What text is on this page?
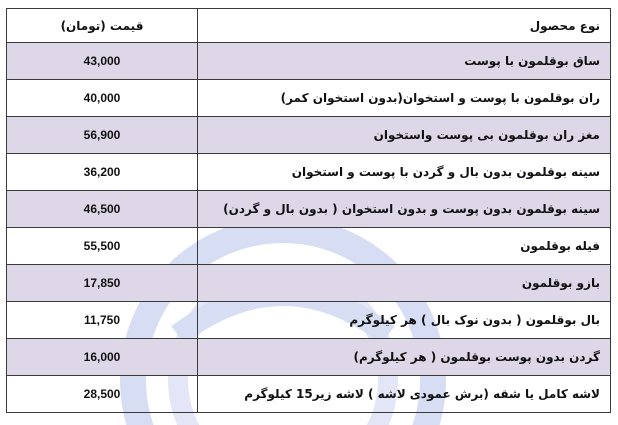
قیمت (تومان)	نوع محصول
43,000	ساق بوقلمون با پوست
40,000	ران بوقلمون با پوست و استخوان(بدون استخوان کمر)
56,900	مغز ران بوقلمون بی پوست واستخوان
36,200	سینه بوقلمون بدون بال و گردن با پوست و استخوان
46,500	سینه بوقلمون بدون پوست و بدون استخوان ( بدون بال و گردن)
55,500	فیله بوقلمون
17,850	بازو بوقلمون
11,750	بال بوقلمون ( بدون نوک بال ) هر کیلوگرم
16,000	گردن بدون پوست بوقلمون ( هر کیلوگرم)
28,500	لاشه کامل یا شقه (برش عمودی لاشه ) لاشه زیر15 کیلوگرم
